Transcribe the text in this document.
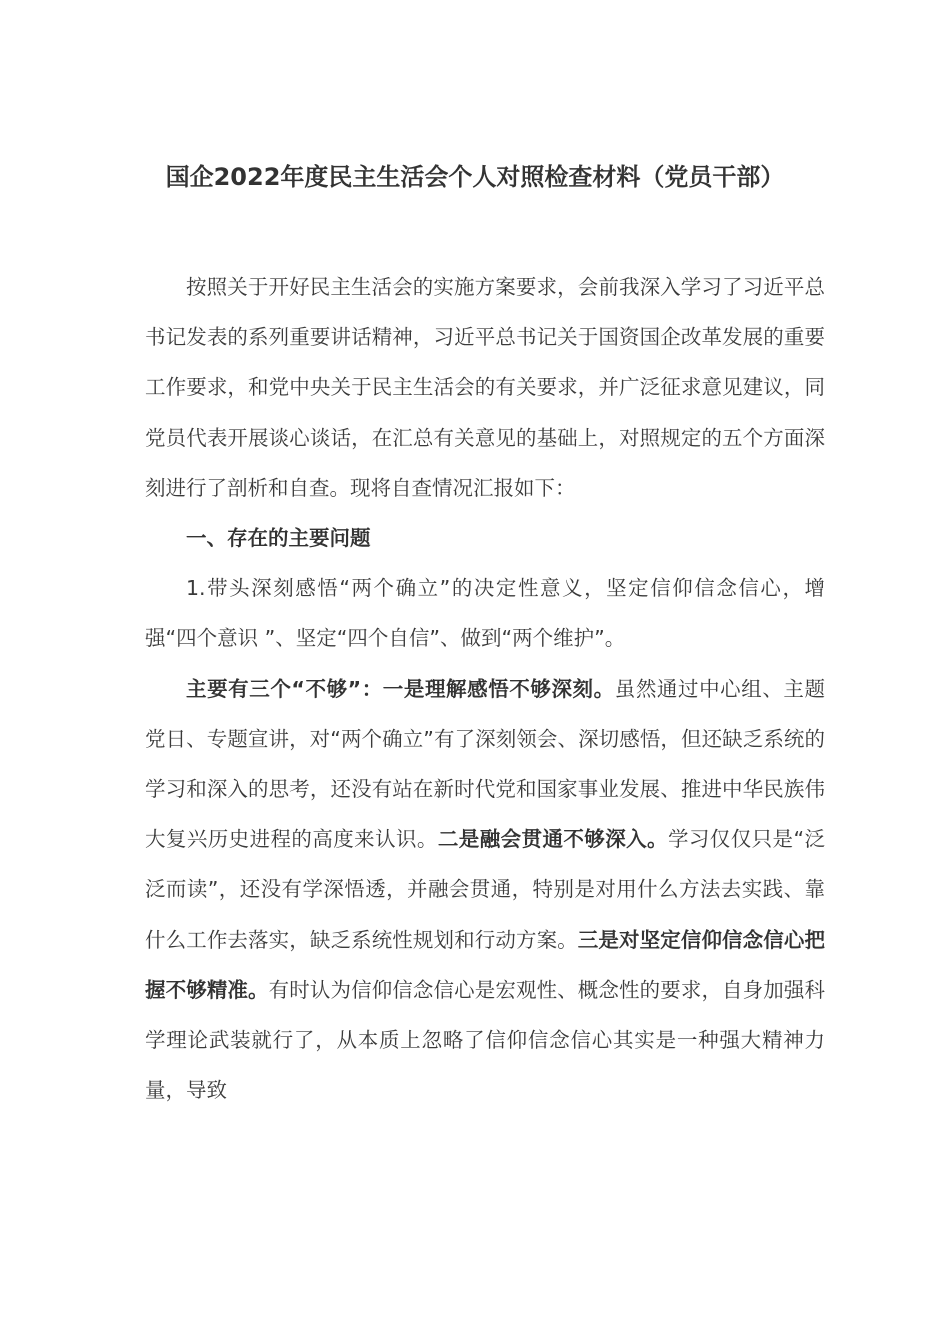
国企2022年度民主生活会个人对照检查材料（党员干部）

按照关于开好民主生活会的实施方案要求，会前我深入学习了习近平总书记发表的系列重要讲话精神，习近平总书记关于国资国企改革发展的重要工作要求，和党中央关于民主生活会的有关要求，并广泛征求意见建议，同党员代表开展谈心谈话，在汇总有关意见的基础上，对照规定的五个方面深刻进行了剖析和自查。现将自查情况汇报如下：

一、存在的主要问题

1.带头深刻感悟“两个确立”的决定性意义，坚定信仰信念信心，增强“四个意识 ”、坚定“四个自信”、做到“两个维护”。

主要有三个“不够”：一是理解感悟不够深刻。虽然通过中心组、主题党日、专题宣讲，对“两个确立”有了深刻领会、深切感悟，但还缺乏系统的学习和深入的思考，还没有站在新时代党和国家事业发展、推进中华民族伟大复兴历史进程的高度来认识。二是融会贯通不够深入。学习仅仅只是“泛泛而读”，还没有学深悟透，并融会贯通，特别是对用什么方法去实践、靠什么工作去落实，缺乏系统性规划和行动方案。三是对坚定信仰信念信心把握不够精准。有时认为信仰信念信心是宏观性、概念性的要求，自身加强科学理论武装就行了，从本质上忽略了信仰信念信心其实是一种强大精神力量，导致
